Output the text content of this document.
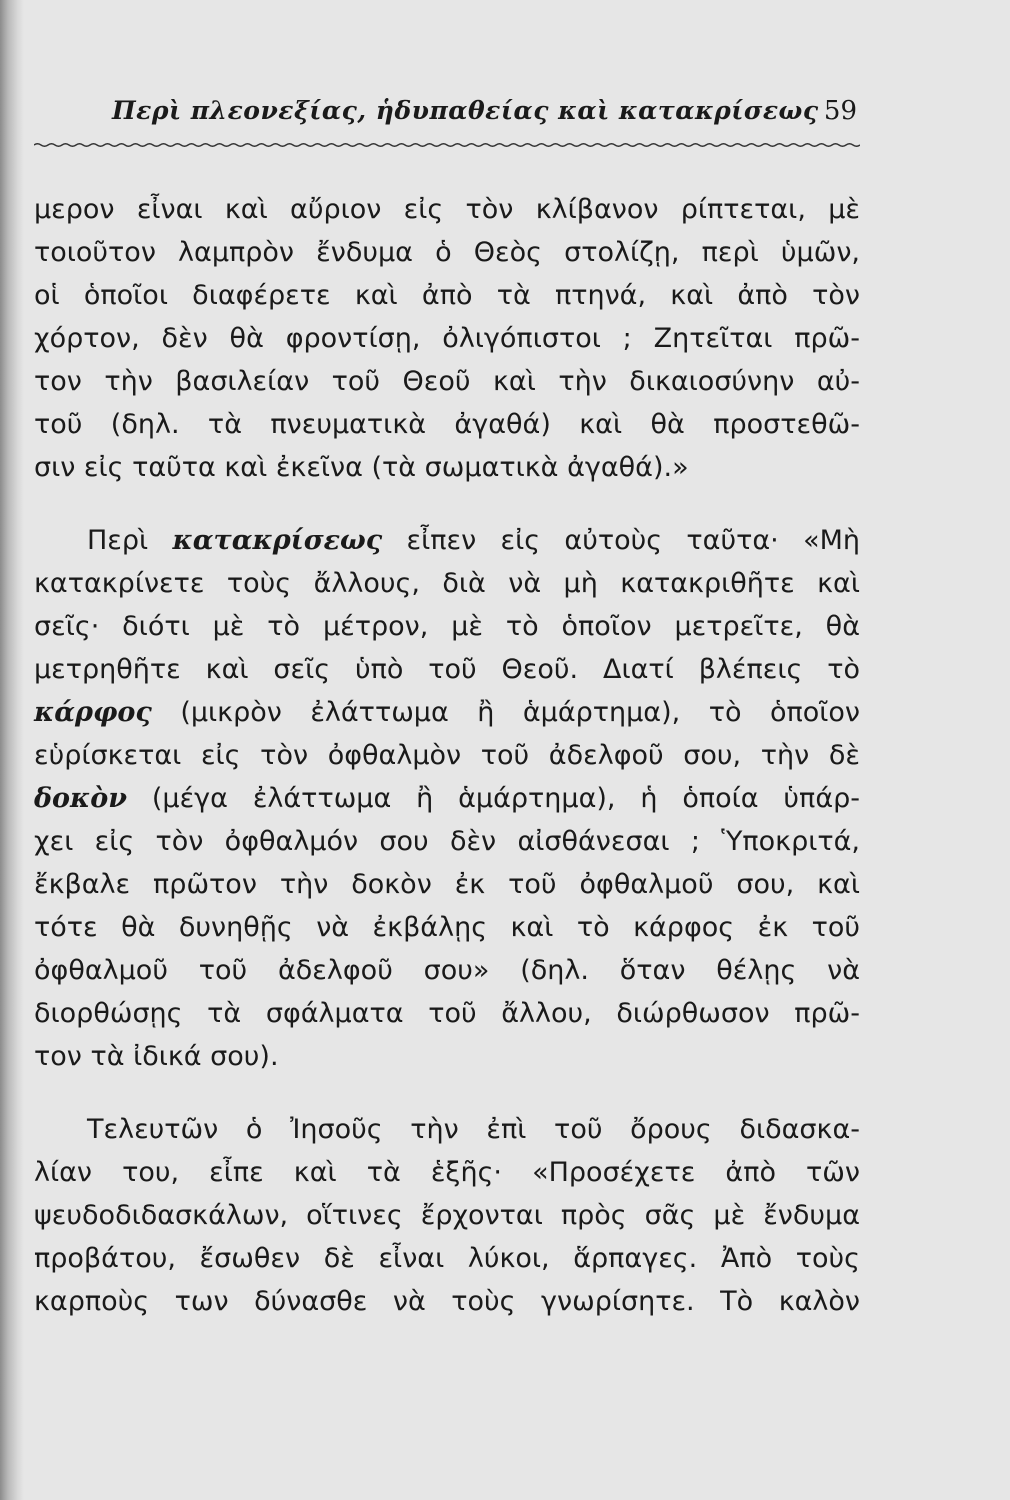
Περὶ πλεονεξίας, ἡδυπαθείας καὶ κατακρίσεως 59
μερον εἶναι καὶ αὔριον εἰς τὸν κλίβανον ρίπτεται, μὲ
τοιοῦτον λαμπρὸν ἔνδυμα ὁ Θεὸς στολίζῃ, περὶ ὑμῶν,
οἱ ὁποῖοι διαφέρετε καὶ ἀπὸ τὰ πτηνά, καὶ ἀπὸ τὸν
χόρτον, δὲν θὰ φροντίσῃ, ὀλιγόπιστοι ; Ζητεῖται πρῶ-
τον τὴν βασιλείαν τοῦ Θεοῦ καὶ τὴν δικαιοσύνην αὐ-
τοῦ (δηλ. τὰ πνευματικὰ ἀγαθά) καὶ θὰ προστεθῶ-
σιν εἰς ταῦτα καὶ ἐκεῖνα (τὰ σωματικὰ ἀγαθά).»
Περὶ κατακρίσεως εἶπεν εἰς αὐτοὺς ταῦτα· «Μὴ
κατακρίνετε τοὺς ἄλλους, διὰ νὰ μὴ κατακριθῆτε καὶ
σεῖς· διότι μὲ τὸ μέτρον, μὲ τὸ ὁποῖον μετρεῖτε, θὰ
μετρηθῆτε καὶ σεῖς ὑπὸ τοῦ Θεοῦ. Διατί βλέπεις τὸ
κάρφος (μικρὸν ἐλάττωμα ἢ ἁμάρτημα), τὸ ὁποῖον
εὑρίσκεται εἰς τὸν ὀφθαλμὸν τοῦ ἀδελφοῦ σου, τὴν δὲ
δοκὸν (μέγα ἐλάττωμα ἢ ἁμάρτημα), ἡ ὁποία ὑπάρ-
χει εἰς τὸν ὀφθαλμόν σου δὲν αἰσθάνεσαι ; Ὑποκριτά,
ἔκβαλε πρῶτον τὴν δοκὸν ἐκ τοῦ ὀφθαλμοῦ σου, καὶ
τότε θὰ δυνηθῇς νὰ ἐκβάλῃς καὶ τὸ κάρφος ἐκ τοῦ
ὀφθαλμοῦ τοῦ ἀδελφοῦ σου» (δηλ. ὅταν θέλῃς νὰ
διορθώσῃς τὰ σφάλματα τοῦ ἄλλου, διώρθωσον πρῶ-
τον τὰ ἰδικά σου).
Τελευτῶν ὁ Ἰησοῦς τὴν ἐπὶ τοῦ ὄρους διδασκα-
λίαν του, εἶπε καὶ τὰ ἑξῆς· «Προσέχετε ἀπὸ τῶν
ψευδοδιδασκάλων, οἵτινες ἔρχονται πρὸς σᾶς μὲ ἔνδυμα
προβάτου, ἔσωθεν δὲ εἶναι λύκοι, ἅρπαγες. Ἀπὸ τοὺς
καρποὺς των δύνασθε νὰ τοὺς γνωρίσητε. Τὸ καλὸν
